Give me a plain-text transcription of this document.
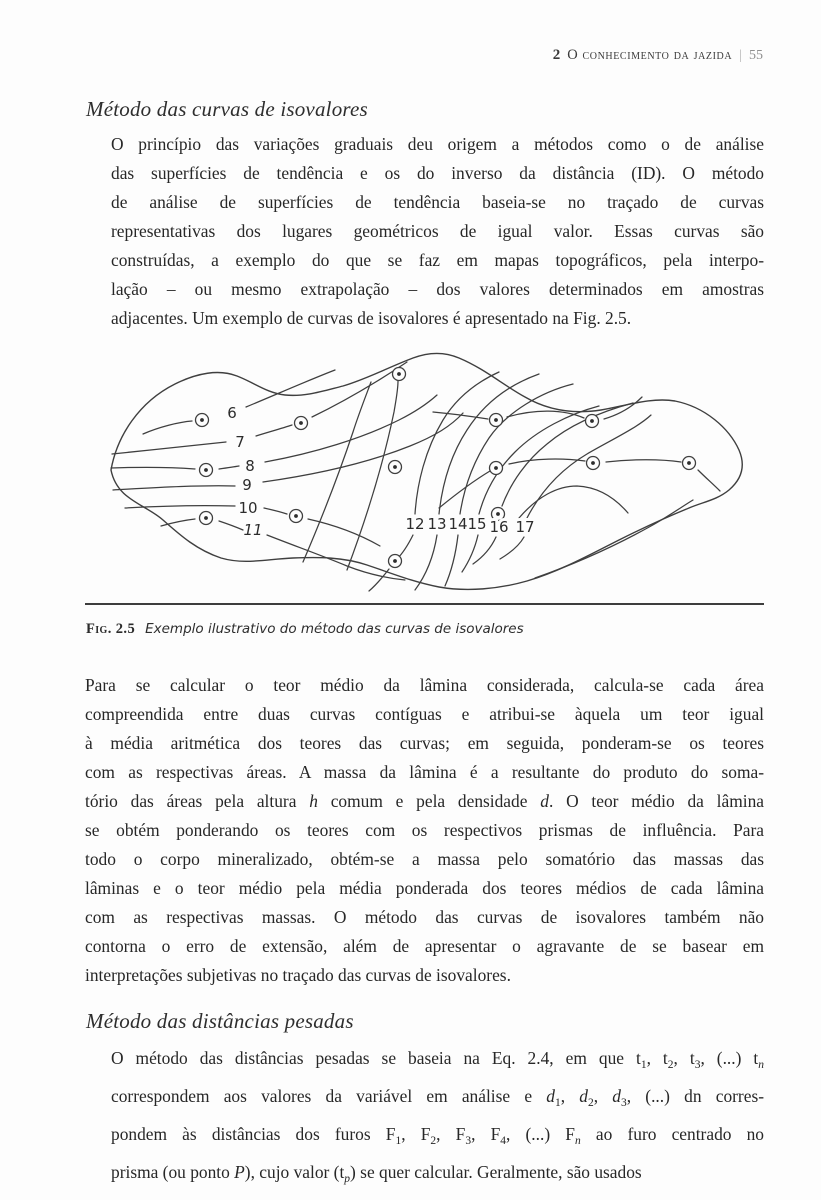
2 O conhecimento da jazida | 55
Método das curvas de isovalores
O princípio das variações graduais deu origem a métodos como o de análise
das superfícies de tendência e os do inverso da distância (ID). O método
de análise de superfícies de tendência baseia-se no traçado de curvas
representativas dos lugares geométricos de igual valor. Essas curvas são
construídas, a exemplo do que se faz em mapas topográficos, pela interpo-
lação – ou mesmo extrapolação – dos valores determinados em amostras
adjacentes. Um exemplo de curvas de isovalores é apresentado na Fig. 2.5.
6
7
8
9
10
11	12 13 14 15 16 17
Fig. 2.5 Exemplo ilustrativo do método das curvas de isovalores
Para se calcular o teor médio da lâmina considerada, calcula-se cada área
compreendida entre duas curvas contíguas e atribui-se àquela um teor igual
à média aritmética dos teores das curvas; em seguida, ponderam-se os teores
com as respectivas áreas. A massa da lâmina é a resultante do produto do soma-
tório das áreas pela altura h comum e pela densidade d. O teor médio da lâmina
se obtém ponderando os teores com os respectivos prismas de influência. Para
todo o corpo mineralizado, obtém-se a massa pelo somatório das massas das
lâminas e o teor médio pela média ponderada dos teores médios de cada lâmina
com as respectivas massas. O método das curvas de isovalores também não
contorna o erro de extensão, além de apresentar o agravante de se basear em
interpretações subjetivas no traçado das curvas de isovalores.
Método das distâncias pesadas
O método das distâncias pesadas se baseia na Eq. 2.4, em que $t_1$, $t_2$, $t_3$, (...) $t_n$
correspondem aos valores da variável em análise e $d_1$, $d_2$, $d_3$, (...) dn corres-
pondem às distâncias dos furos $F_1$, $F_2$, $F_3$, $F_4$, (...) $F_n$ ao furo centrado no
prisma (ou ponto P), cujo valor $(t_p)$ se quer calcular. Geralmente, são usados
